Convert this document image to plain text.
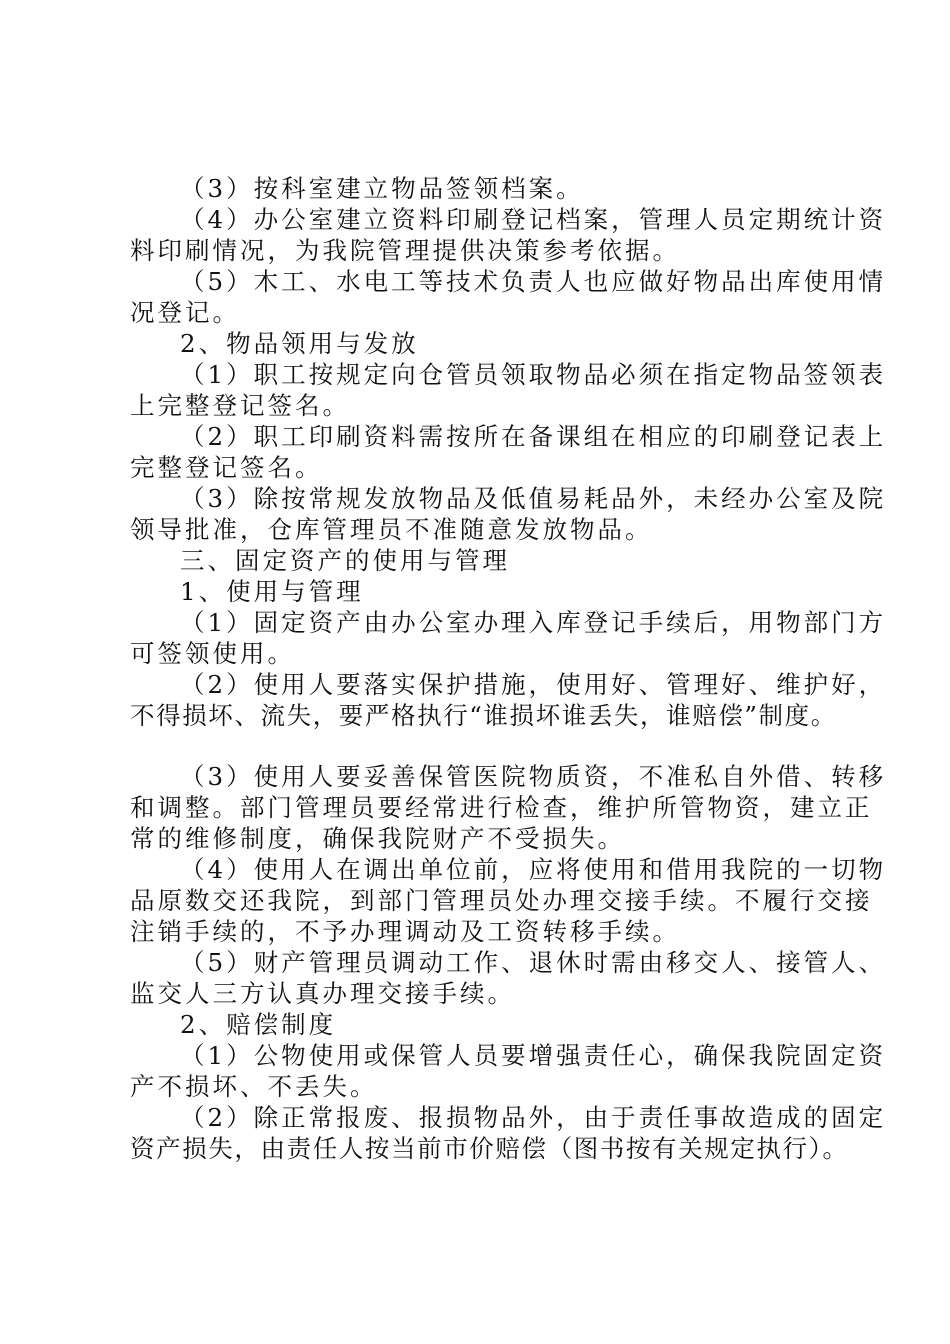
（3）按科室建立物品签领档案。

（4）办公室建立资料印刷登记档案，管理人员定期统计资

料印刷情况，为我院管理提供决策参考依据。

（5）木工、水电工等技术负责人也应做好物品出库使用情

况登记。

2、物品领用与发放

（1）职工按规定向仓管员领取物品必须在指定物品签领表

上完整登记签名。

（2）职工印刷资料需按所在备课组在相应的印刷登记表上

完整登记签名。

（3）除按常规发放物品及低值易耗品外，未经办公室及院

领导批准，仓库管理员不准随意发放物品。

三、固定资产的使用与管理

1、使用与管理

（1）固定资产由办公室办理入库登记手续后，用物部门方

可签领使用。

（2）使用人要落实保护措施，使用好、管理好、维护好，

不得损坏、流失，要严格执行“谁损坏谁丢失，谁赔偿”制度。

（3）使用人要妥善保管医院物质资，不准私自外借、转移

和调整。部门管理员要经常进行检查，维护所管物资，建立正

常的维修制度，确保我院财产不受损失。

（4）使用人在调出单位前，应将使用和借用我院的一切物

品原数交还我院，到部门管理员处办理交接手续。不履行交接

注销手续的，不予办理调动及工资转移手续。

（5）财产管理员调动工作、退休时需由移交人、接管人、

监交人三方认真办理交接手续。

2、赔偿制度

（1）公物使用或保管人员要增强责任心，确保我院固定资

产不损坏、不丢失。

（2）除正常报废、报损物品外，由于责任事故造成的固定

资产损失，由责任人按当前市价赔偿（图书按有关规定执行）。
